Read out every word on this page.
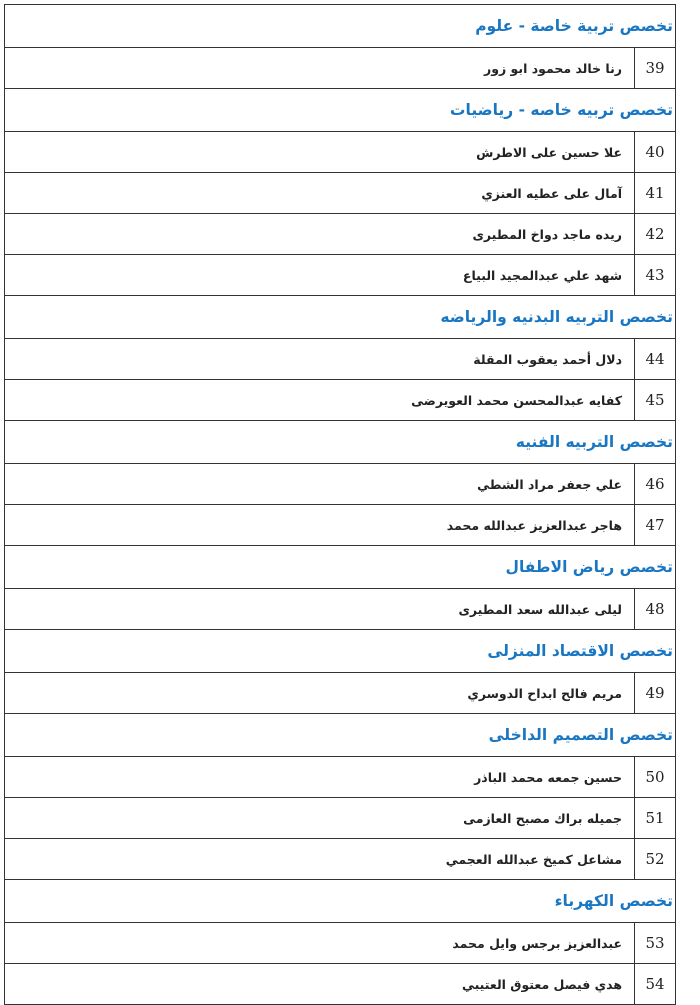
تخصص تربية خاصة - علوم
39
رنا خالد محمود ابو زور
تخصص تربيه خاصه - رياضيات
40
علا حسين على الاطرش
41
آمال على عطيه العنزي
42
ريده ماجد دواخ المطيرى
43
شهد علي عبدالمجيد البياع
تخصص التربيه البدنيه والرياضه
44
دلال أحمد يعقوب المقلة
45
كفايه عبدالمحسن محمد العويرضى
تخصص التربيه الفنيه
46
علي جعفر مراد الشطي
47
هاجر عبدالعزيز عبدالله محمد
تخصص رياض الاطفال
48
ليلى عبدالله سعد المطيرى
تخصص الاقتصاد المنزلى
49
مريم فالح ابداح الدوسري
تخصص التصميم الداخلى
50
حسين جمعه محمد الباذر
51
جميله براك مصبح العازمى
52
مشاعل كميخ عبدالله العجمي
تخصص الكهرباء
53
عبدالعزيز برجس وايل محمد
54
هدي فيصل معتوق العتيبي
